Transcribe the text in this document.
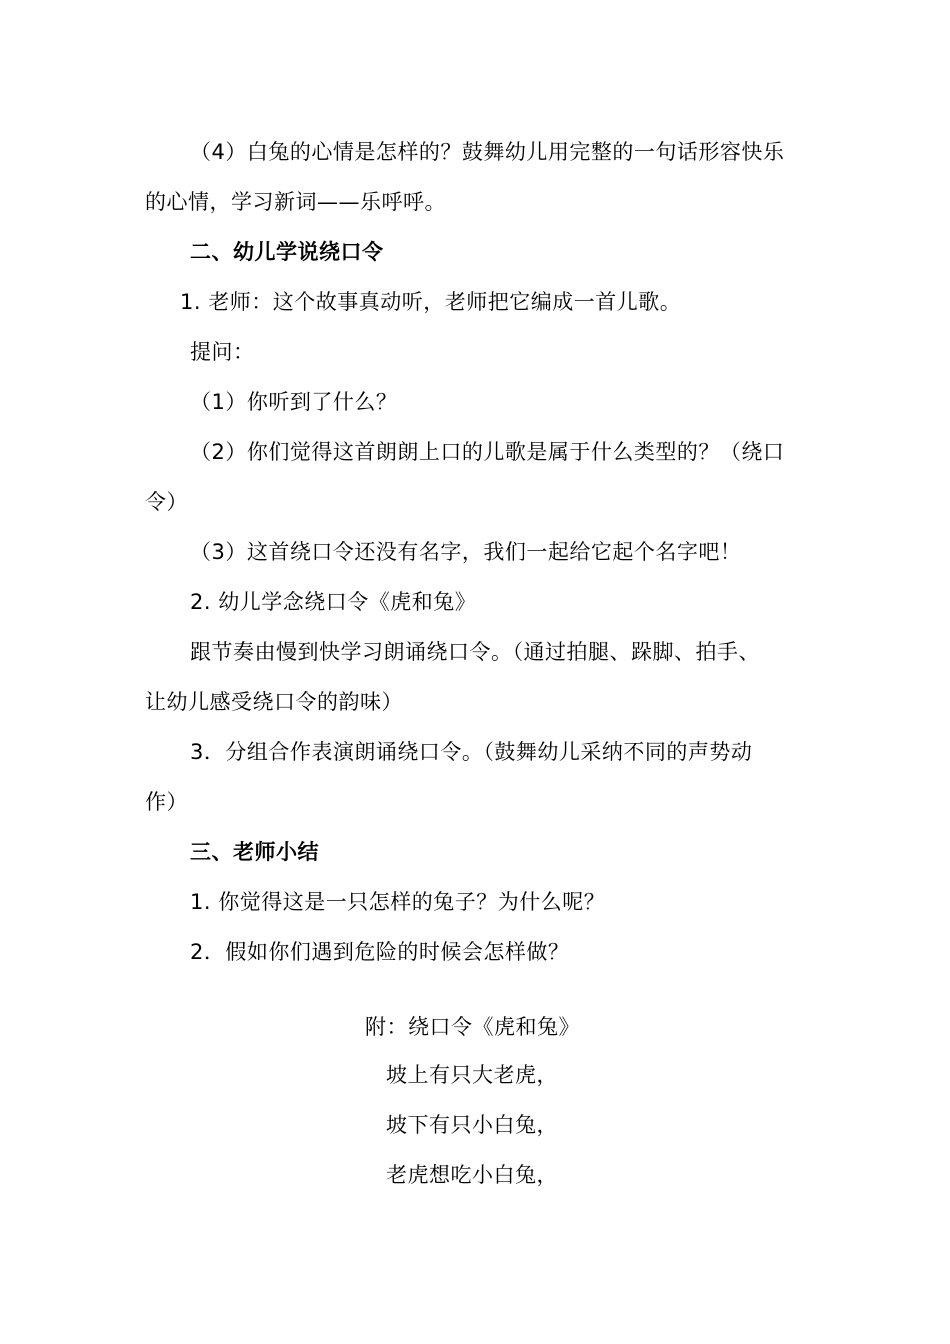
（4）白兔的心情是怎样的？鼓舞幼儿用完整的一句话形容快乐
的心情，学习新词——乐呼呼。
二、幼儿学说绕口令
1. 老师：这个故事真动听，老师把它编成一首儿歌。
提问：
（1）你听到了什么？
（2）你们觉得这首朗朗上口的儿歌是属于什么类型的？（绕口
令）
（3）这首绕口令还没有名字，我们一起给它起个名字吧！
2. 幼儿学念绕口令《虎和兔》
跟节奏由慢到快学习朗诵绕口令。（通过拍腿、跺脚、拍手、
让幼儿感受绕口令的韵味）
3．分组合作表演朗诵绕口令。（鼓舞幼儿采纳不同的声势动
作）
三、老师小结
1. 你觉得这是一只怎样的兔子？为什么呢？
2．假如你们遇到危险的时候会怎样做？
附：绕口令《虎和兔》
坡上有只大老虎，
坡下有只小白兔，
老虎想吃小白兔，
